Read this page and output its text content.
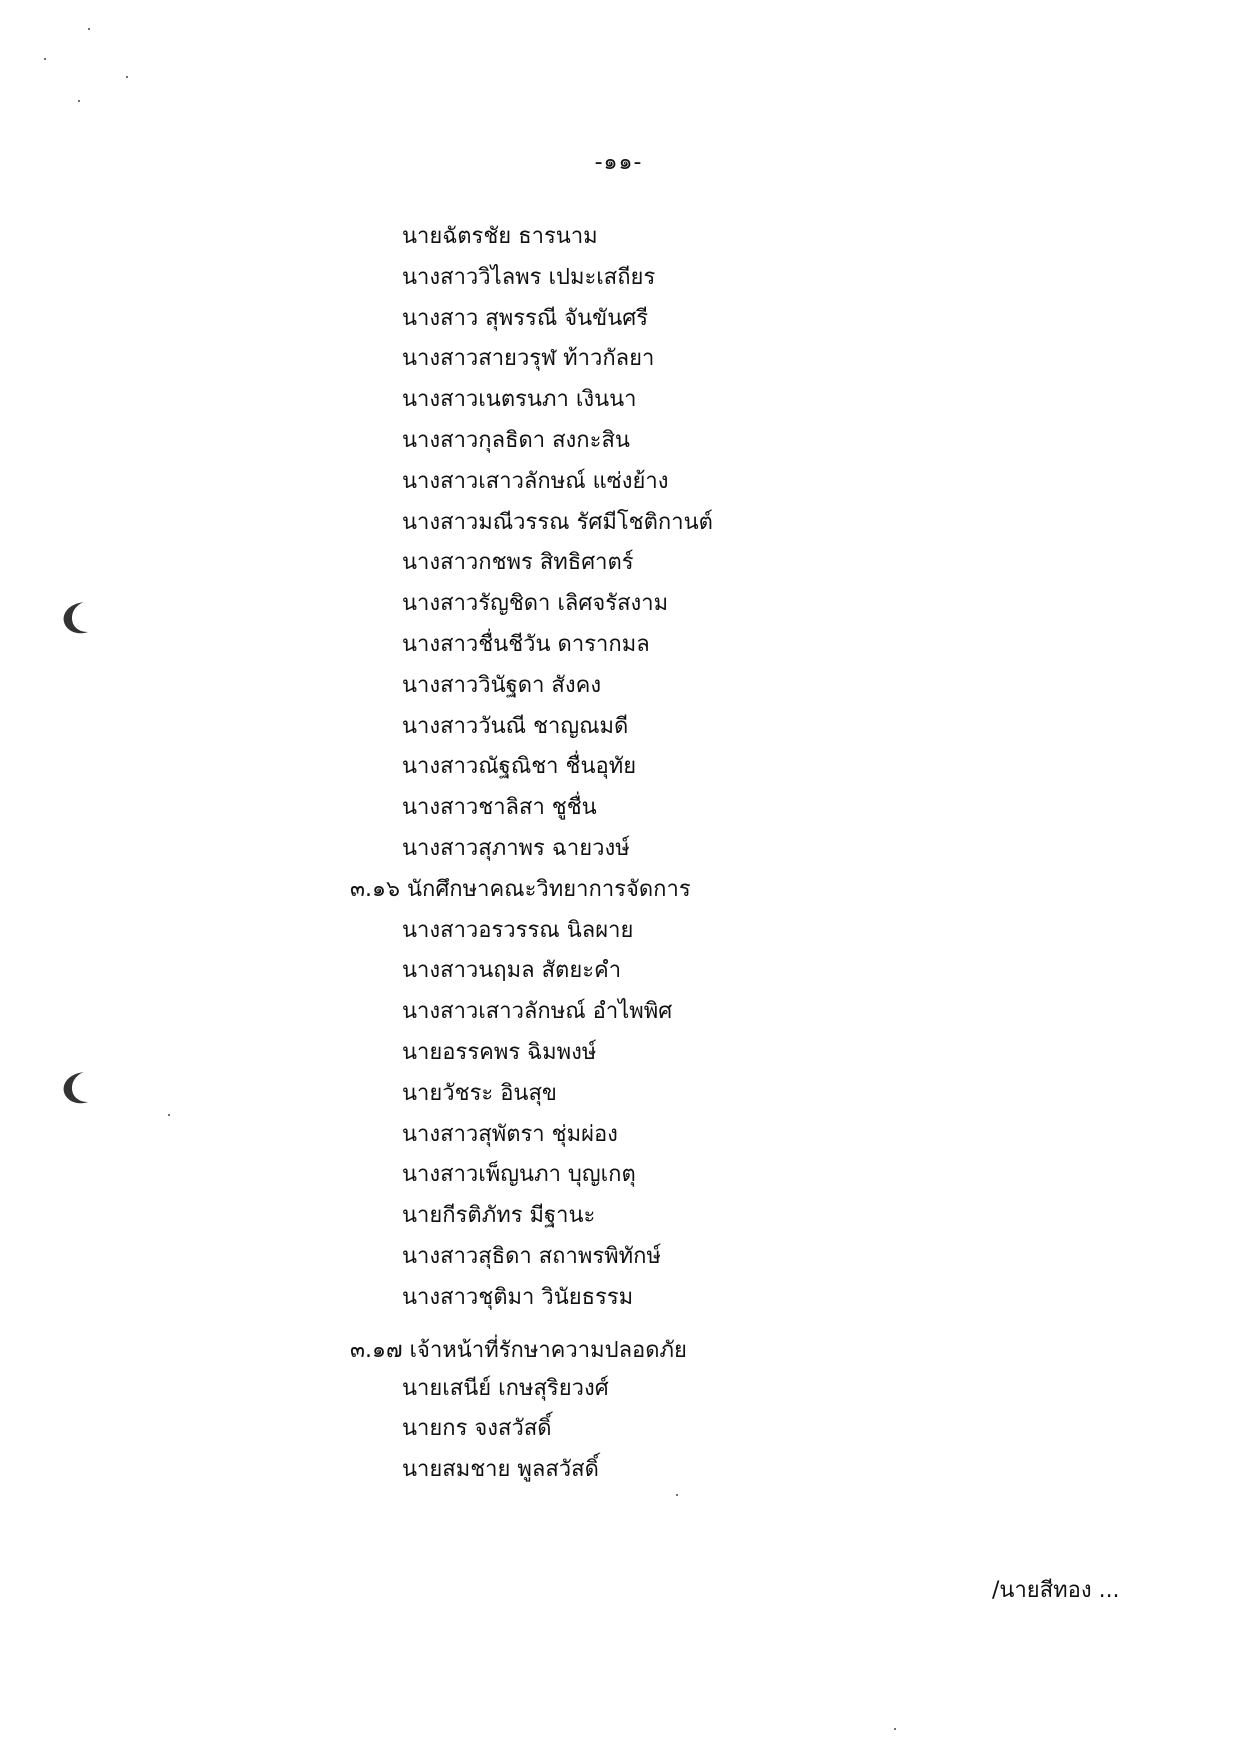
-๑๑-
นายฉัตรชัย ธารนาม
นางสาววิไลพร เปมะเสถียร
นางสาว สุพรรณี จันขันศรี
นางสาวสายวรุฬ ท้าวกัลยา
นางสาวเนตรนภา เงินนา
นางสาวกุลธิดา สงกะสิน
นางสาวเสาวลักษณ์ แซ่งย้าง
นางสาวมณีวรรณ รัศมีโชติกานต์
นางสาวกชพร สิทธิศาตร์
นางสาวรัญชิดา เลิศจรัสงาม
นางสาวชื่นชีวัน ดารากมล
นางสาววินัฐดา สังคง
นางสาววันณี ชาญณมดี
นางสาวณัฐณิชา ชื่นอุทัย
นางสาวชาลิสา ชูชื่น
นางสาวสุภาพร ฉายวงษ์
๓.๑๖ นักศึกษาคณะวิทยาการจัดการ
นางสาวอรวรรณ นิลผาย
นางสาวนฤมล สัตยะคำ
นางสาวเสาวลักษณ์ อำไพพิศ
นายอรรคพร ฉิมพงษ์
นายวัชระ อินสุข
นางสาวสุพัตรา ชุ่มผ่อง
นางสาวเพ็ญนภา บุญเกตุ
นายกีรติภัทร มีฐานะ
นางสาวสุธิดา สถาพรพิทักษ์
นางสาวชุติมา วินัยธรรม
๓.๑๗ เจ้าหน้าที่รักษาความปลอดภัย
นายเสนีย์ เกษสุริยวงศ์
นายกร จงสวัสดิ์
นายสมชาย พูลสวัสดิ์
/นายสีทอง ...
